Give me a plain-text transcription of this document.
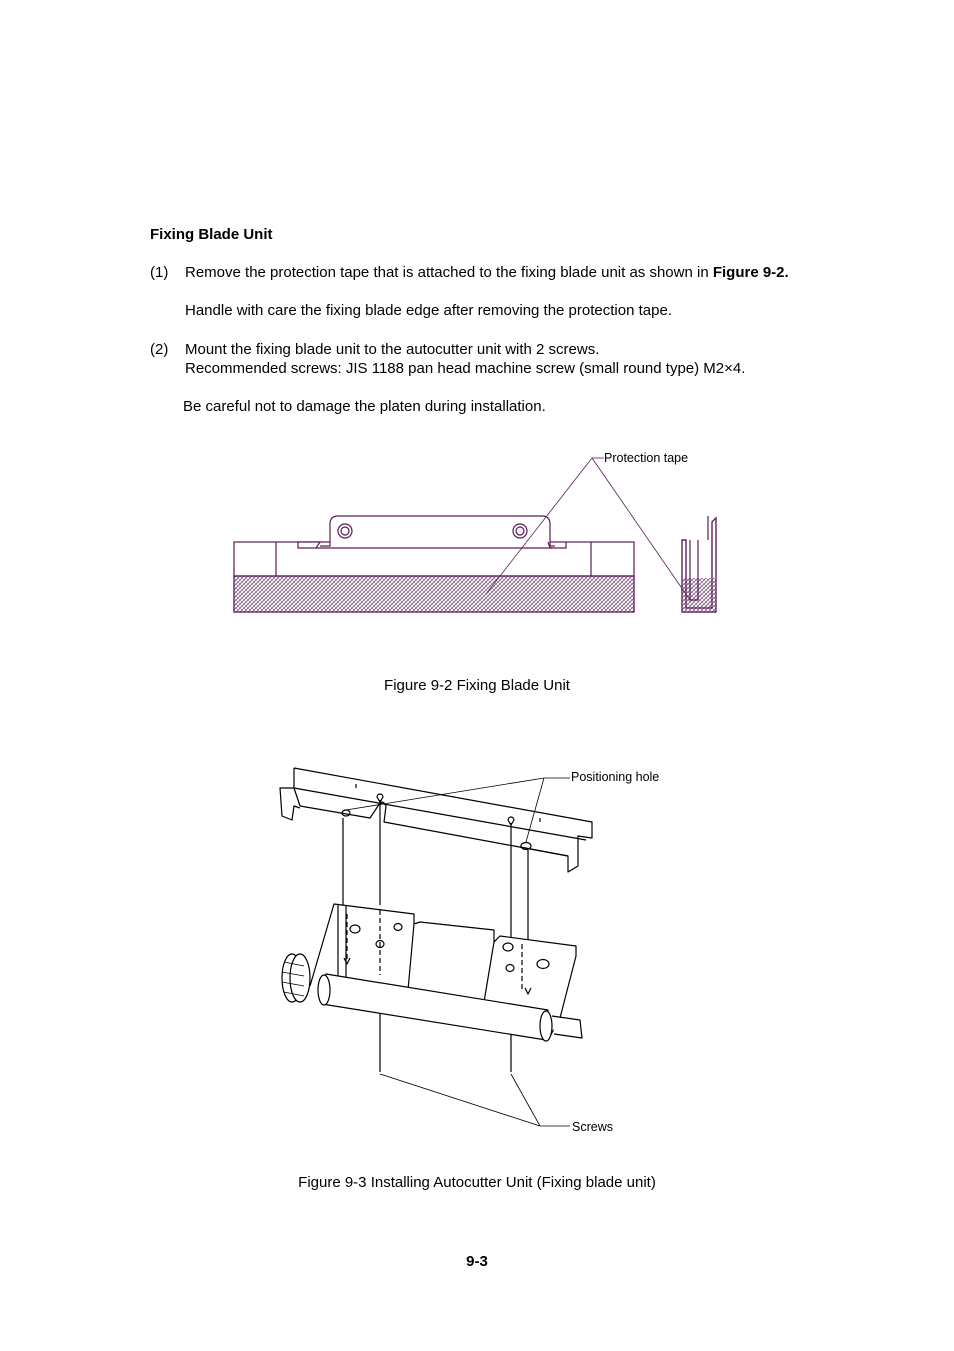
Fixing Blade Unit
(1) Remove the protection tape that is attached to the fixing blade unit as shown in Figure 9-2.
Handle with care the fixing blade edge after removing the protection tape.
(2) Mount the fixing blade unit to the autocutter unit with 2 screws.
Recommended screws: JIS 1188 pan head machine screw (small round type) M2×4.
Be careful not to damage the platen during installation.
Protection tape
Figure 9-2 Fixing Blade Unit
Positioning hole
Screws
Figure 9-3 Installing Autocutter Unit (Fixing blade unit)
9-3
